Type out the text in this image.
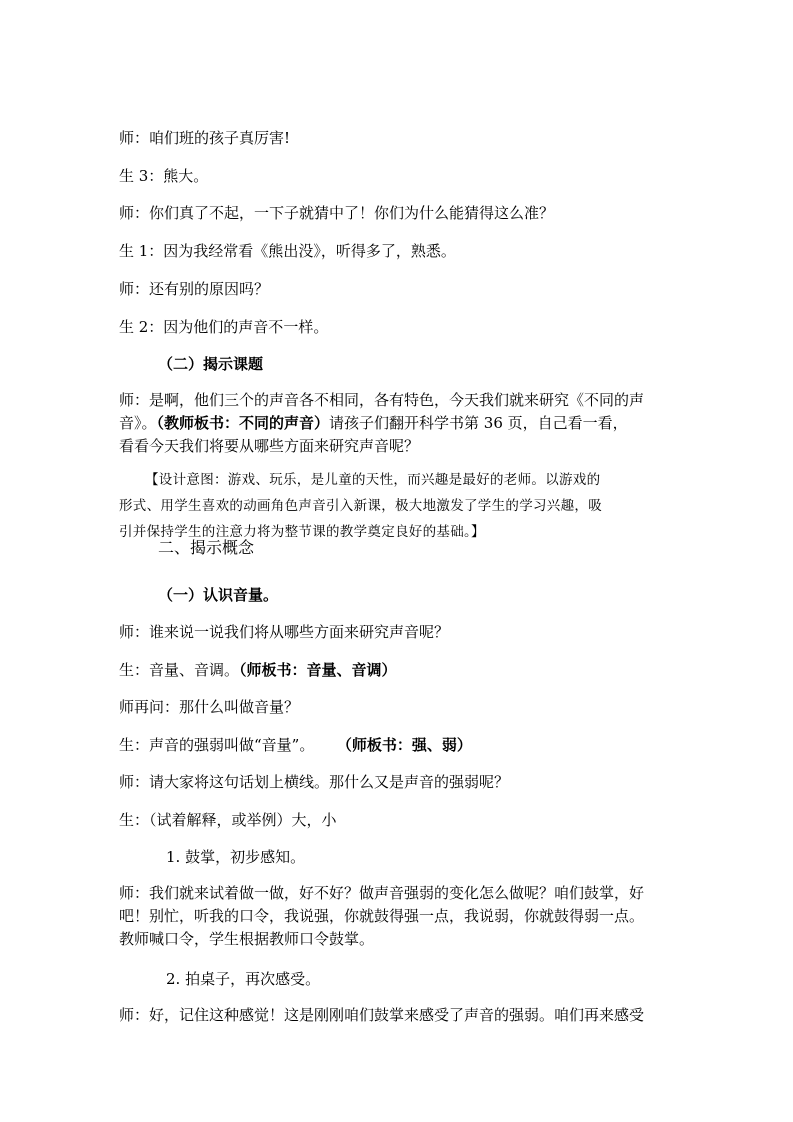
师：咱们班的孩子真厉害!
生 3：熊大。
师：你们真了不起，一下子就猜中了！你们为什么能猜得这么准？
生 1：因为我经常看《熊出没》，听得多了，熟悉。
师：还有别的原因吗？
生 2：因为他们的声音不一样。
（二）揭示课题
师：是啊，他们三个的声音各不相同，各有特色，今天我们就来研究《不同的声
音》。（教师板书：不同的声音）请孩子们翻开科学书第 36 页，自己看一看，
看看今天我们将要从哪些方面来研究声音呢？
【设计意图：游戏、玩乐，是儿童的天性，而兴趣是最好的老师。以游戏的
形式、用学生喜欢的动画角色声音引入新课，极大地激发了学生的学习兴趣，吸
引并保持学生的注意力将为整节课的教学奠定良好的基础。】
二、揭示概念
（一）认识音量。
师：谁来说一说我们将从哪些方面来研究声音呢？
生：音量、音调。（师板书：音量、音调）
师再问：那什么叫做音量？
生：声音的强弱叫做“音量”。 （师板书：强、弱）
师：请大家将这句话划上横线。那什么又是声音的强弱呢？
生：（试着解释，或举例）大，小
1. 鼓掌，初步感知。
师：我们就来试着做一做，好不好？做声音强弱的变化怎么做呢？咱们鼓掌，好
吧！别忙，听我的口令，我说强，你就鼓得强一点，我说弱，你就鼓得弱一点。
教师喊口令，学生根据教师口令鼓掌。
2. 拍桌子，再次感受。
师：好，记住这种感觉！这是刚刚咱们鼓掌来感受了声音的强弱。咱们再来感受
